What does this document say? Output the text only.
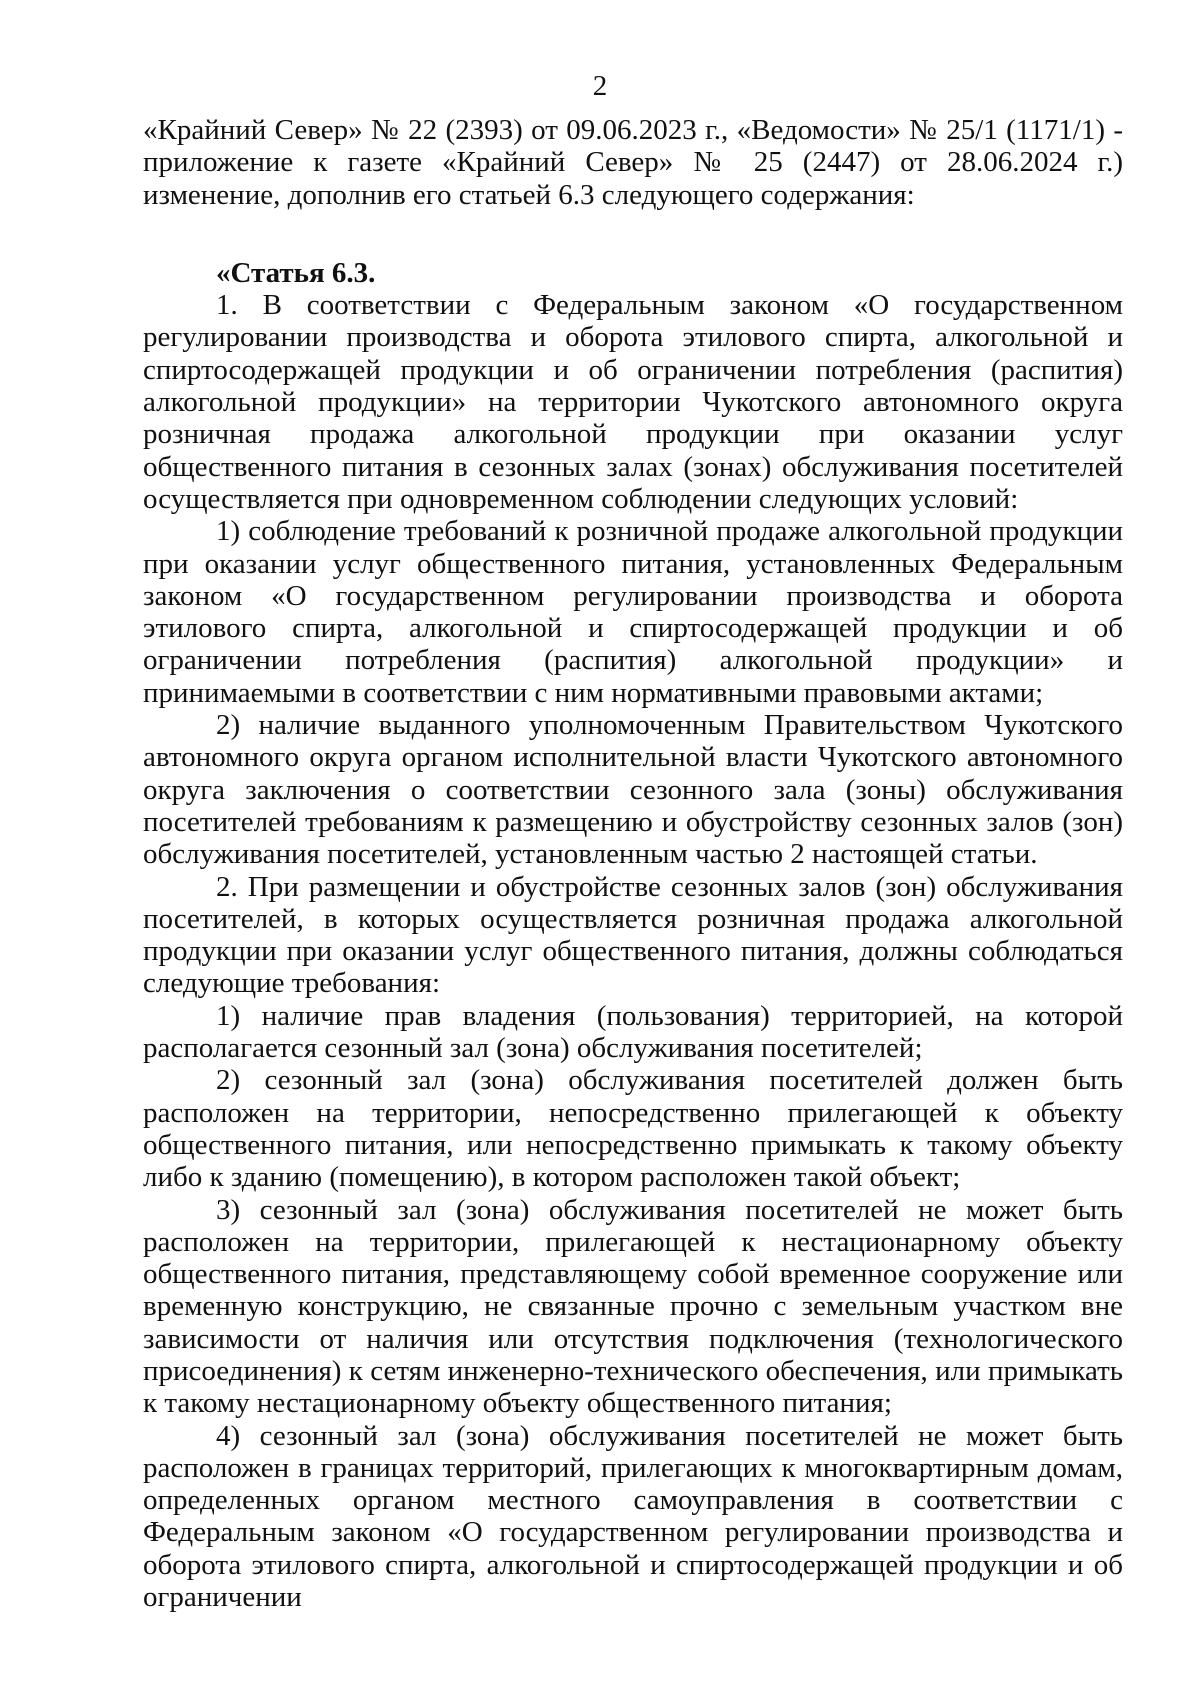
2

«Крайний Север» № 22 (2393) от 09.06.2023 г., «Ведомости» № 25/1 (1171/1) - приложение к газете «Крайний Север» № 25 (2447) от 28.06.2024 г.) изменение, дополнив его статьей 6.3 следующего содержания:

«Статья 6.3.

1. В соответствии с Федеральным законом «О государственном регулировании производства и оборота этилового спирта, алкогольной и спиртосодержащей продукции и об ограничении потребления (распития) алкогольной продукции» на территории Чукотского автономного округа розничная продажа алкогольной продукции при оказании услуг общественного питания в сезонных залах (зонах) обслуживания посетителей осуществляется при одновременном соблюдении следующих условий:

1) соблюдение требований к розничной продаже алкогольной продукции при оказании услуг общественного питания, установленных Федеральным законом «О государственном регулировании производства и оборота этилового спирта, алкогольной и спиртосодержащей продукции и об ограничении потребления (распития) алкогольной продукции» и принимаемыми в соответствии с ним нормативными правовыми актами;

2) наличие выданного уполномоченным Правительством Чукотского автономного округа органом исполнительной власти Чукотского автономного округа заключения о соответствии сезонного зала (зоны) обслуживания посетителей требованиям к размещению и обустройству сезонных залов (зон) обслуживания посетителей, установленным частью 2 настоящей статьи.

2. При размещении и обустройстве сезонных залов (зон) обслуживания посетителей, в которых осуществляется розничная продажа алкогольной продукции при оказании услуг общественного питания, должны соблюдаться следующие требования:

1) наличие прав владения (пользования) территорией, на которой располагается сезонный зал (зона) обслуживания посетителей;

2) сезонный зал (зона) обслуживания посетителей должен быть расположен на территории, непосредственно прилегающей к объекту общественного питания, или непосредственно примыкать к такому объекту либо к зданию (помещению), в котором расположен такой объект;

3) сезонный зал (зона) обслуживания посетителей не может быть расположен на территории, прилегающей к нестационарному объекту общественного питания, представляющему собой временное сооружение или временную конструкцию, не связанные прочно с земельным участком вне зависимости от наличия или отсутствия подключения (технологического присоединения) к сетям инженерно-технического обеспечения, или примыкать к такому нестационарному объекту общественного питания;

4) сезонный зал (зона) обслуживания посетителей не может быть расположен в границах территорий, прилегающих к многоквартирным домам, определенных органом местного самоуправления в соответствии с Федеральным законом «О государственном регулировании производства и оборота этилового спирта, алкогольной и спиртосодержащей продукции и об ограничении
